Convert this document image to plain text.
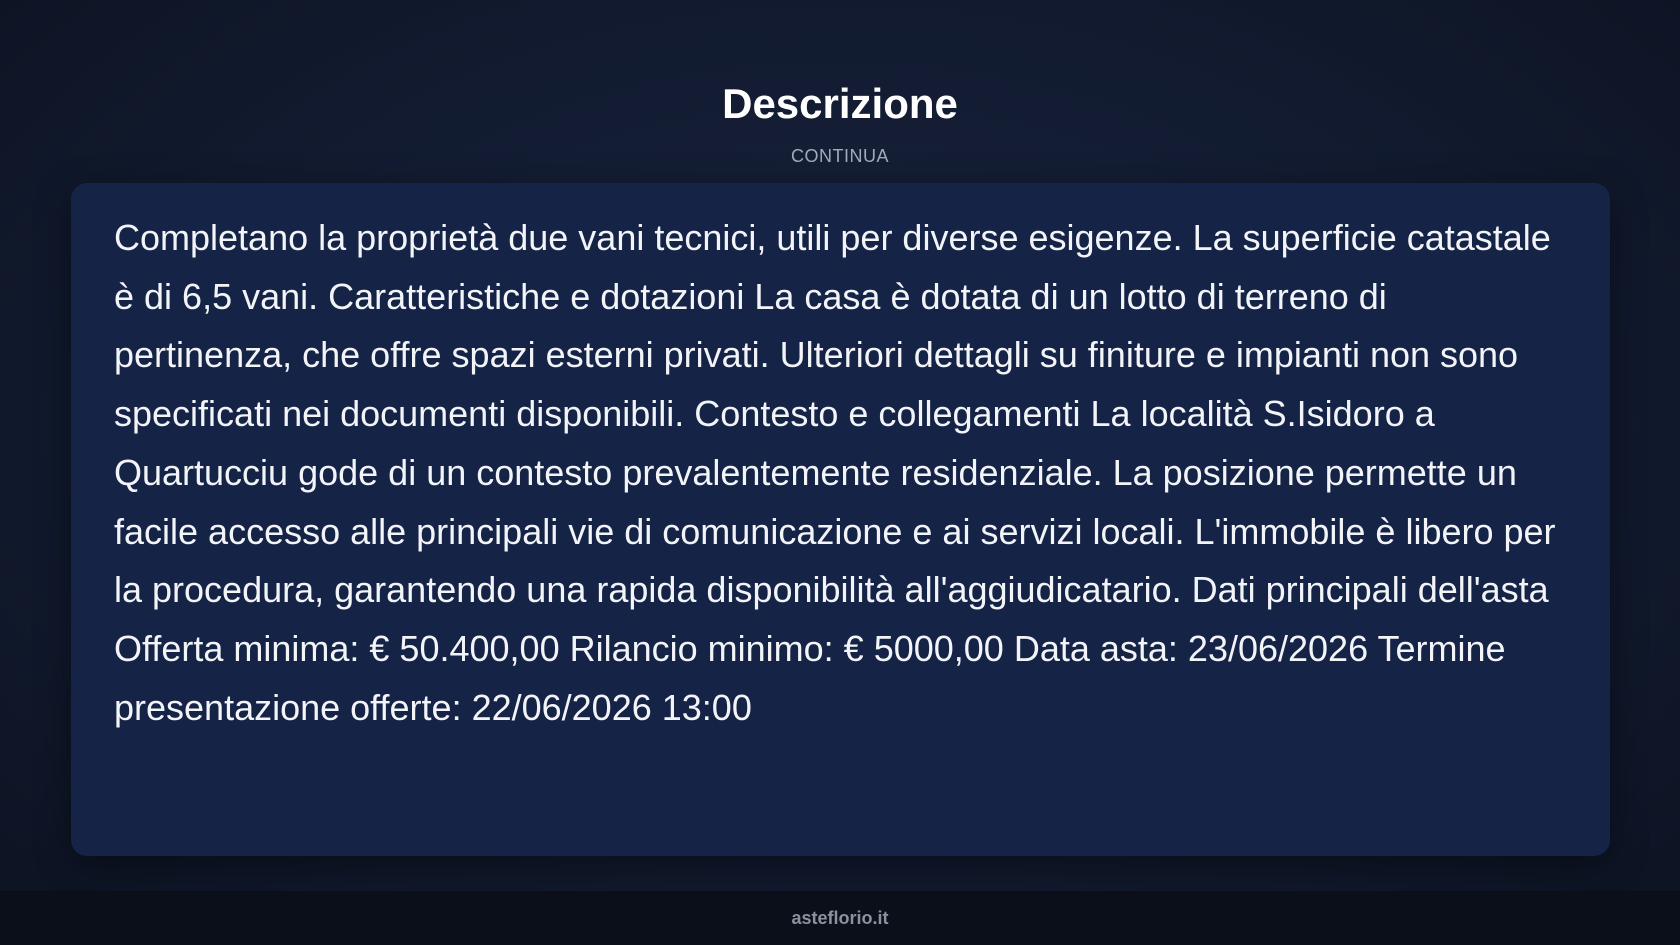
Descrizione
CONTINUA

Completano la proprietà due vani tecnici, utili per diverse esigenze. La superficie catastale è di 6,5 vani. Caratteristiche e dotazioni La casa è dotata di un lotto di terreno di pertinenza, che offre spazi esterni privati. Ulteriori dettagli su finiture e impianti non sono specificati nei documenti disponibili. Contesto e collegamenti La località S.Isidoro a Quartucciu gode di un contesto prevalentemente residenziale. La posizione permette un facile accesso alle principali vie di comunicazione e ai servizi locali. L'immobile è libero per la procedura, garantendo una rapida disponibilità all'aggiudicatario. Dati principali dell'asta Offerta minima: € 50.400,00 Rilancio minimo: € 5000,00 Data asta: 23/06/2026 Termine presentazione offerte: 22/06/2026 13:00

asteflorio.it
